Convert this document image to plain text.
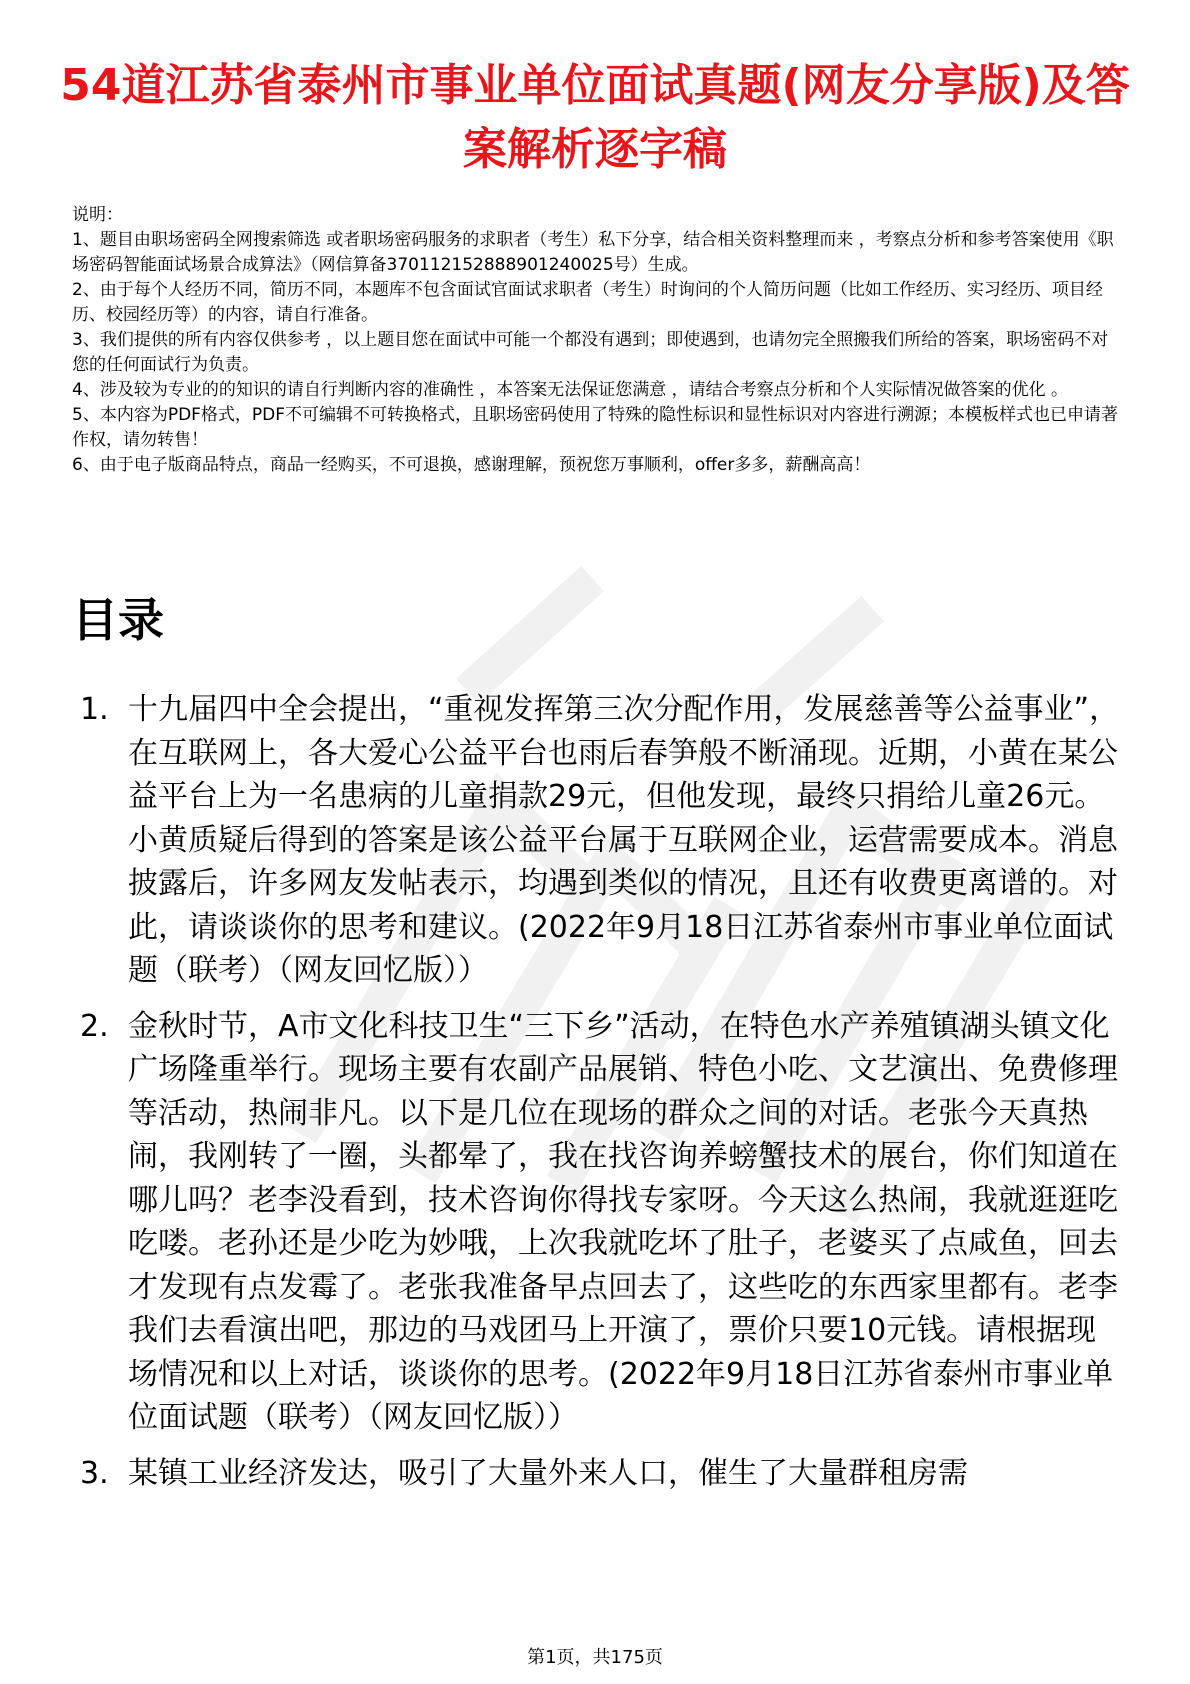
54道江苏省泰州市事业单位面试真题(网友分享版)及答案解析逐字稿
说明：
1、题目由职场密码全网搜索筛选 或者职场密码服务的求职者（考生）私下分享，结合相关资料整理而来 ，考察点分析和参考答案使用《职场密码智能面试场景合成算法》（网信算备370112152888901240025号）生成。
2、由于每个人经历不同，简历不同，本题库不包含面试官面试求职者（考生）时询问的个人简历问题（比如工作经历、实习经历、项目经历、校园经历等）的内容，请自行准备。
3、我们提供的所有内容仅供参考 ，以上题目您在面试中可能一个都没有遇到；即使遇到，也请勿完全照搬我们所给的答案，职场密码不对您的任何面试行为负责。
4、涉及较为专业的的知识的请自行判断内容的准确性 ，本答案无法保证您满意 ，请结合考察点分析和个人实际情况做答案的优化 。
5、本内容为PDF格式，PDF不可编辑不可转换格式，且职场密码使用了特殊的隐性标识和显性标识对内容进行溯源；本模板样式也已申请著作权，请勿转售！
6、由于电子版商品特点，商品一经购买，不可退换，感谢理解，预祝您万事顺利，offer多多，薪酬高高！
目录
1. 十九届四中全会提出，“重视发挥第三次分配作用，发展慈善等公益事业”，在互联网上，各大爱心公益平台也雨后春笋般不断涌现。近期，小黄在某公益平台上为一名患病的儿童捐款29元，但他发现，最终只捐给儿童26元。小黄质疑后得到的答案是该公益平台属于互联网企业，运营需要成本。消息披露后，许多网友发帖表示，均遇到类似的情况，且还有收费更离谱的。对此，请谈谈你的思考和建议。(2022年9月18日江苏省泰州市事业单位面试题（联考）（网友回忆版））
2. 金秋时节，A市文化科技卫生“三下乡”活动，在特色水产养殖镇湖头镇文化广场隆重举行。现场主要有农副产品展销、特色小吃、文艺演出、免费修理等活动，热闹非凡。以下是几位在现场的群众之间的对话。老张今天真热闹，我刚转了一圈，头都晕了，我在找咨询养螃蟹技术的展台，你们知道在哪儿吗？老李没看到，技术咨询你得找专家呀。今天这么热闹，我就逛逛吃吃喽。老孙还是少吃为妙哦，上次我就吃坏了肚子，老婆买了点咸鱼，回去才发现有点发霉了。老张我准备早点回去了，这些吃的东西家里都有。老李我们去看演出吧，那边的马戏团马上开演了，票价只要10元钱。请根据现场情况和以上对话，谈谈你的思考。(2022年9月18日江苏省泰州市事业单位面试题（联考）（网友回忆版））
3. 某镇工业经济发达，吸引了大量外来人口，催生了大量群租房需
第1页，共175页
